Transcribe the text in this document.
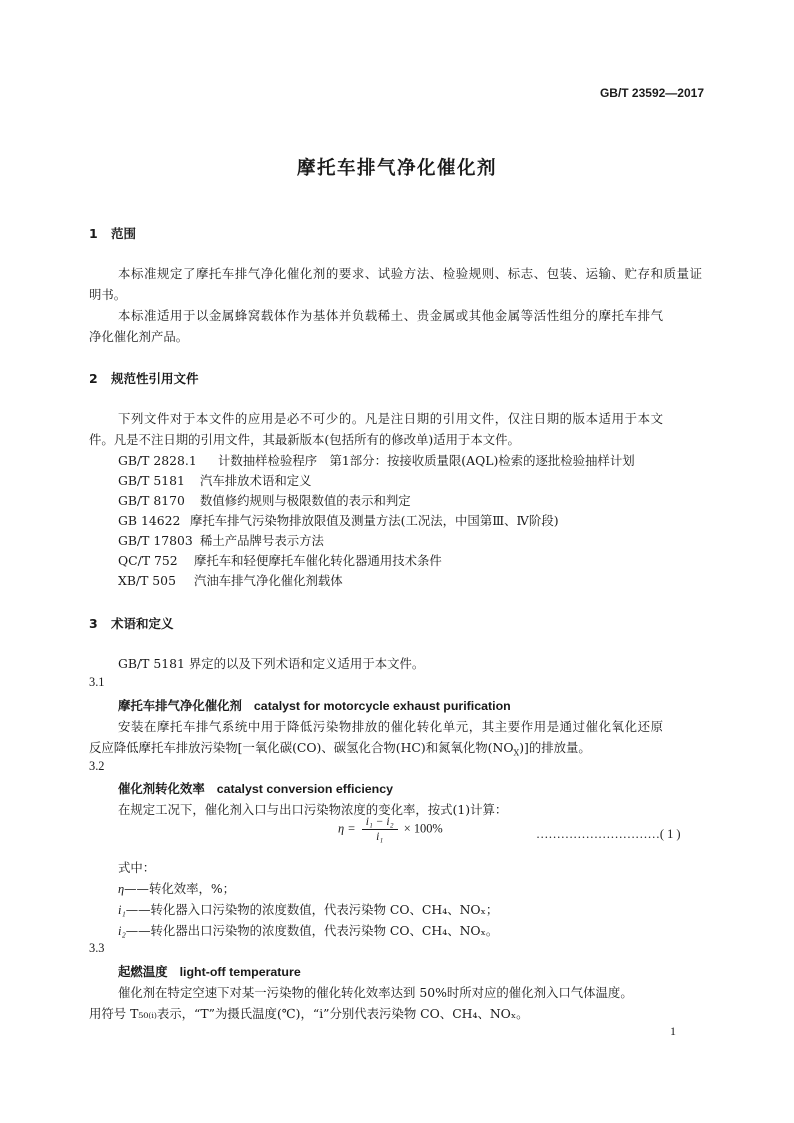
GB/T 23592—2017
摩托车排气净化催化剂
1 范围
本标准规定了摩托车排气净化催化剂的要求、试验方法、检验规则、标志、包装、运输、贮存和质量证
明书。
本标准适用于以金属蜂窝载体作为基体并负载稀土、贵金属或其他金属等活性组分的摩托车排气
净化催化剂产品。
2 规范性引用文件
下列文件对于本文件的应用是必不可少的。凡是注日期的引用文件，仅注日期的版本适用于本文
件。凡是不注日期的引用文件，其最新版本(包括所有的修改单)适用于本文件。
GB/T 2828.1 计数抽样检验程序　第1部分：按接收质量限(AQL)检索的逐批检验抽样计划
GB/T 5181 汽车排放术语和定义
GB/T 8170 数值修约规则与极限数值的表示和判定
GB 14622 摩托车排气污染物排放限值及测量方法(工况法，中国第Ⅲ、Ⅳ阶段)
GB/T 17803 稀土产品牌号表示方法
QC/T 752 摩托车和轻便摩托车催化转化器通用技术条件
XB/T 505 汽油车排气净化催化剂载体
3 术语和定义
GB/T 5181 界定的以及下列术语和定义适用于本文件。
3.1
摩托车排气净化催化剂 catalyst for motorcycle exhaust purification
安装在摩托车排气系统中用于降低污染物排放的催化转化单元，其主要作用是通过催化氧化还原
反应降低摩托车排放污染物[一氧化碳(CO)、碳氢化合物(HC)和氮氧化物$(NO_X)$]的排放量。
3.2
催化剂转化效率 catalyst conversion efficiency
在规定工况下，催化剂入口与出口污染物浓度的变化率，按式(1)计算：
$\eta = \frac{\text{i₁ − i₂}}{\text{i₁}} \times 100\%$	…………………………( 1 )
式中：
η——转化效率，%；
i₁——转化器入口污染物的浓度数值，代表污染物 CO、CH₄、NOₓ；
i₂——转化器出口污染物的浓度数值，代表污染物 CO、CH₄、NOₓ。
3.3
起燃温度 light-off temperature
催化剂在特定空速下对某一污染物的催化转化效率达到 50%时所对应的催化剂入口气体温度。
用符号 T₅₀₍ᵢ₎表示，“T”为摄氏温度(℃)，“i”分别代表污染物 CO、CH₄、NOₓ。
1
